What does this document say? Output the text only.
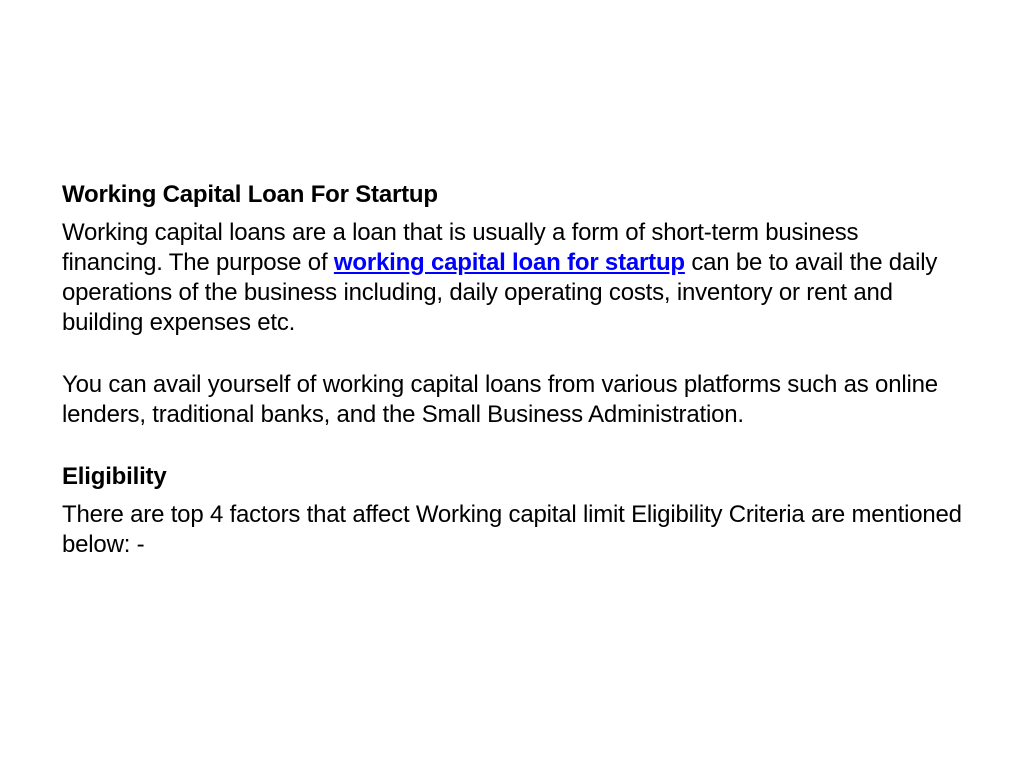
Working Capital Loan For Startup

Working capital loans are a loan that is usually a form of short-term business financing. The purpose of working capital loan for startup can be to avail the daily operations of the business including, daily operating costs, inventory or rent and building expenses etc.

You can avail yourself of working capital loans from various platforms such as online lenders, traditional banks, and the Small Business Administration.

Eligibility

There are top 4 factors that affect Working capital limit Eligibility Criteria are mentioned below: -
